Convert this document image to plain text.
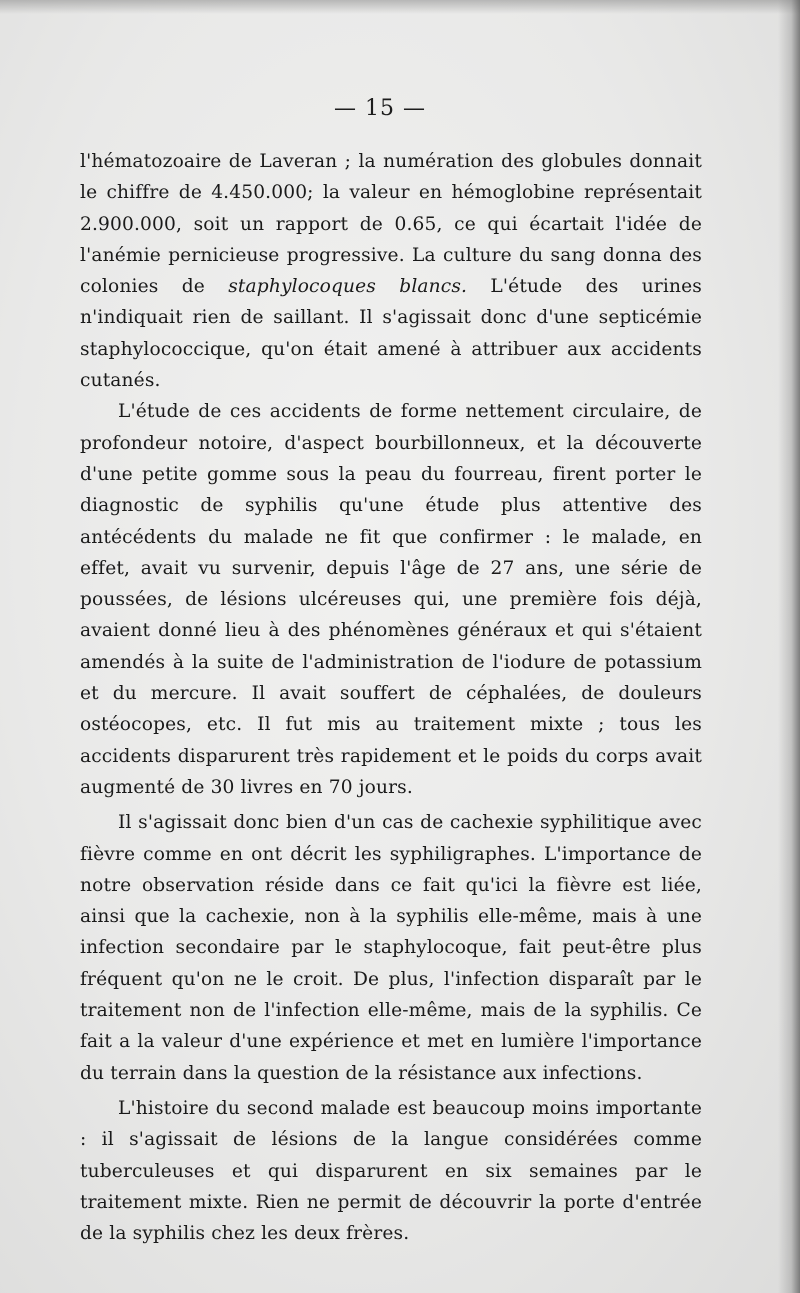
— 15 —

l'hématozoaire de Laveran ; la numération des globules donnait le chiffre de 4.450.000; la valeur en hémoglobine représentait 2.900.000, soit un rapport de 0.65, ce qui écartait l'idée de l'anémie pernicieuse progressive. La culture du sang donna des colonies de staphylocoques blancs. L'étude des urines n'indiquait rien de saillant. Il s'agissait donc d'une septicémie staphylococcique, qu'on était amené à attribuer aux accidents cutanés.

L'étude de ces accidents de forme nettement circulaire, de profondeur notoire, d'aspect bourbillonneux, et la découverte d'une petite gomme sous la peau du fourreau, firent porter le diagnostic de syphilis qu'une étude plus attentive des antécédents du malade ne fit que confirmer : le malade, en effet, avait vu survenir, depuis l'âge de 27 ans, une série de poussées, de lésions ulcéreuses qui, une première fois déjà, avaient donné lieu à des phénomènes généraux et qui s'étaient amendés à la suite de l'administration de l'iodure de potassium et du mercure. Il avait souffert de céphalées, de douleurs ostéocopes, etc. Il fut mis au traitement mixte ; tous les accidents disparurent très rapidement et le poids du corps avait augmenté de 30 livres en 70 jours.

Il s'agissait donc bien d'un cas de cachexie syphilitique avec fièvre comme en ont décrit les syphiligraphes. L'importance de notre observation réside dans ce fait qu'ici la fièvre est liée, ainsi que la cachexie, non à la syphilis elle-même, mais à une infection secondaire par le staphylocoque, fait peut-être plus fréquent qu'on ne le croit. De plus, l'infection disparaît par le traitement non de l'infection elle-même, mais de la syphilis. Ce fait a la valeur d'une expérience et met en lumière l'importance du terrain dans la question de la résistance aux infections.

L'histoire du second malade est beaucoup moins importante : il s'agissait de lésions de la langue considérées comme tuberculeuses et qui disparurent en six semaines par le traitement mixte. Rien ne permit de découvrir la porte d'entrée de la syphilis chez les deux frères.
